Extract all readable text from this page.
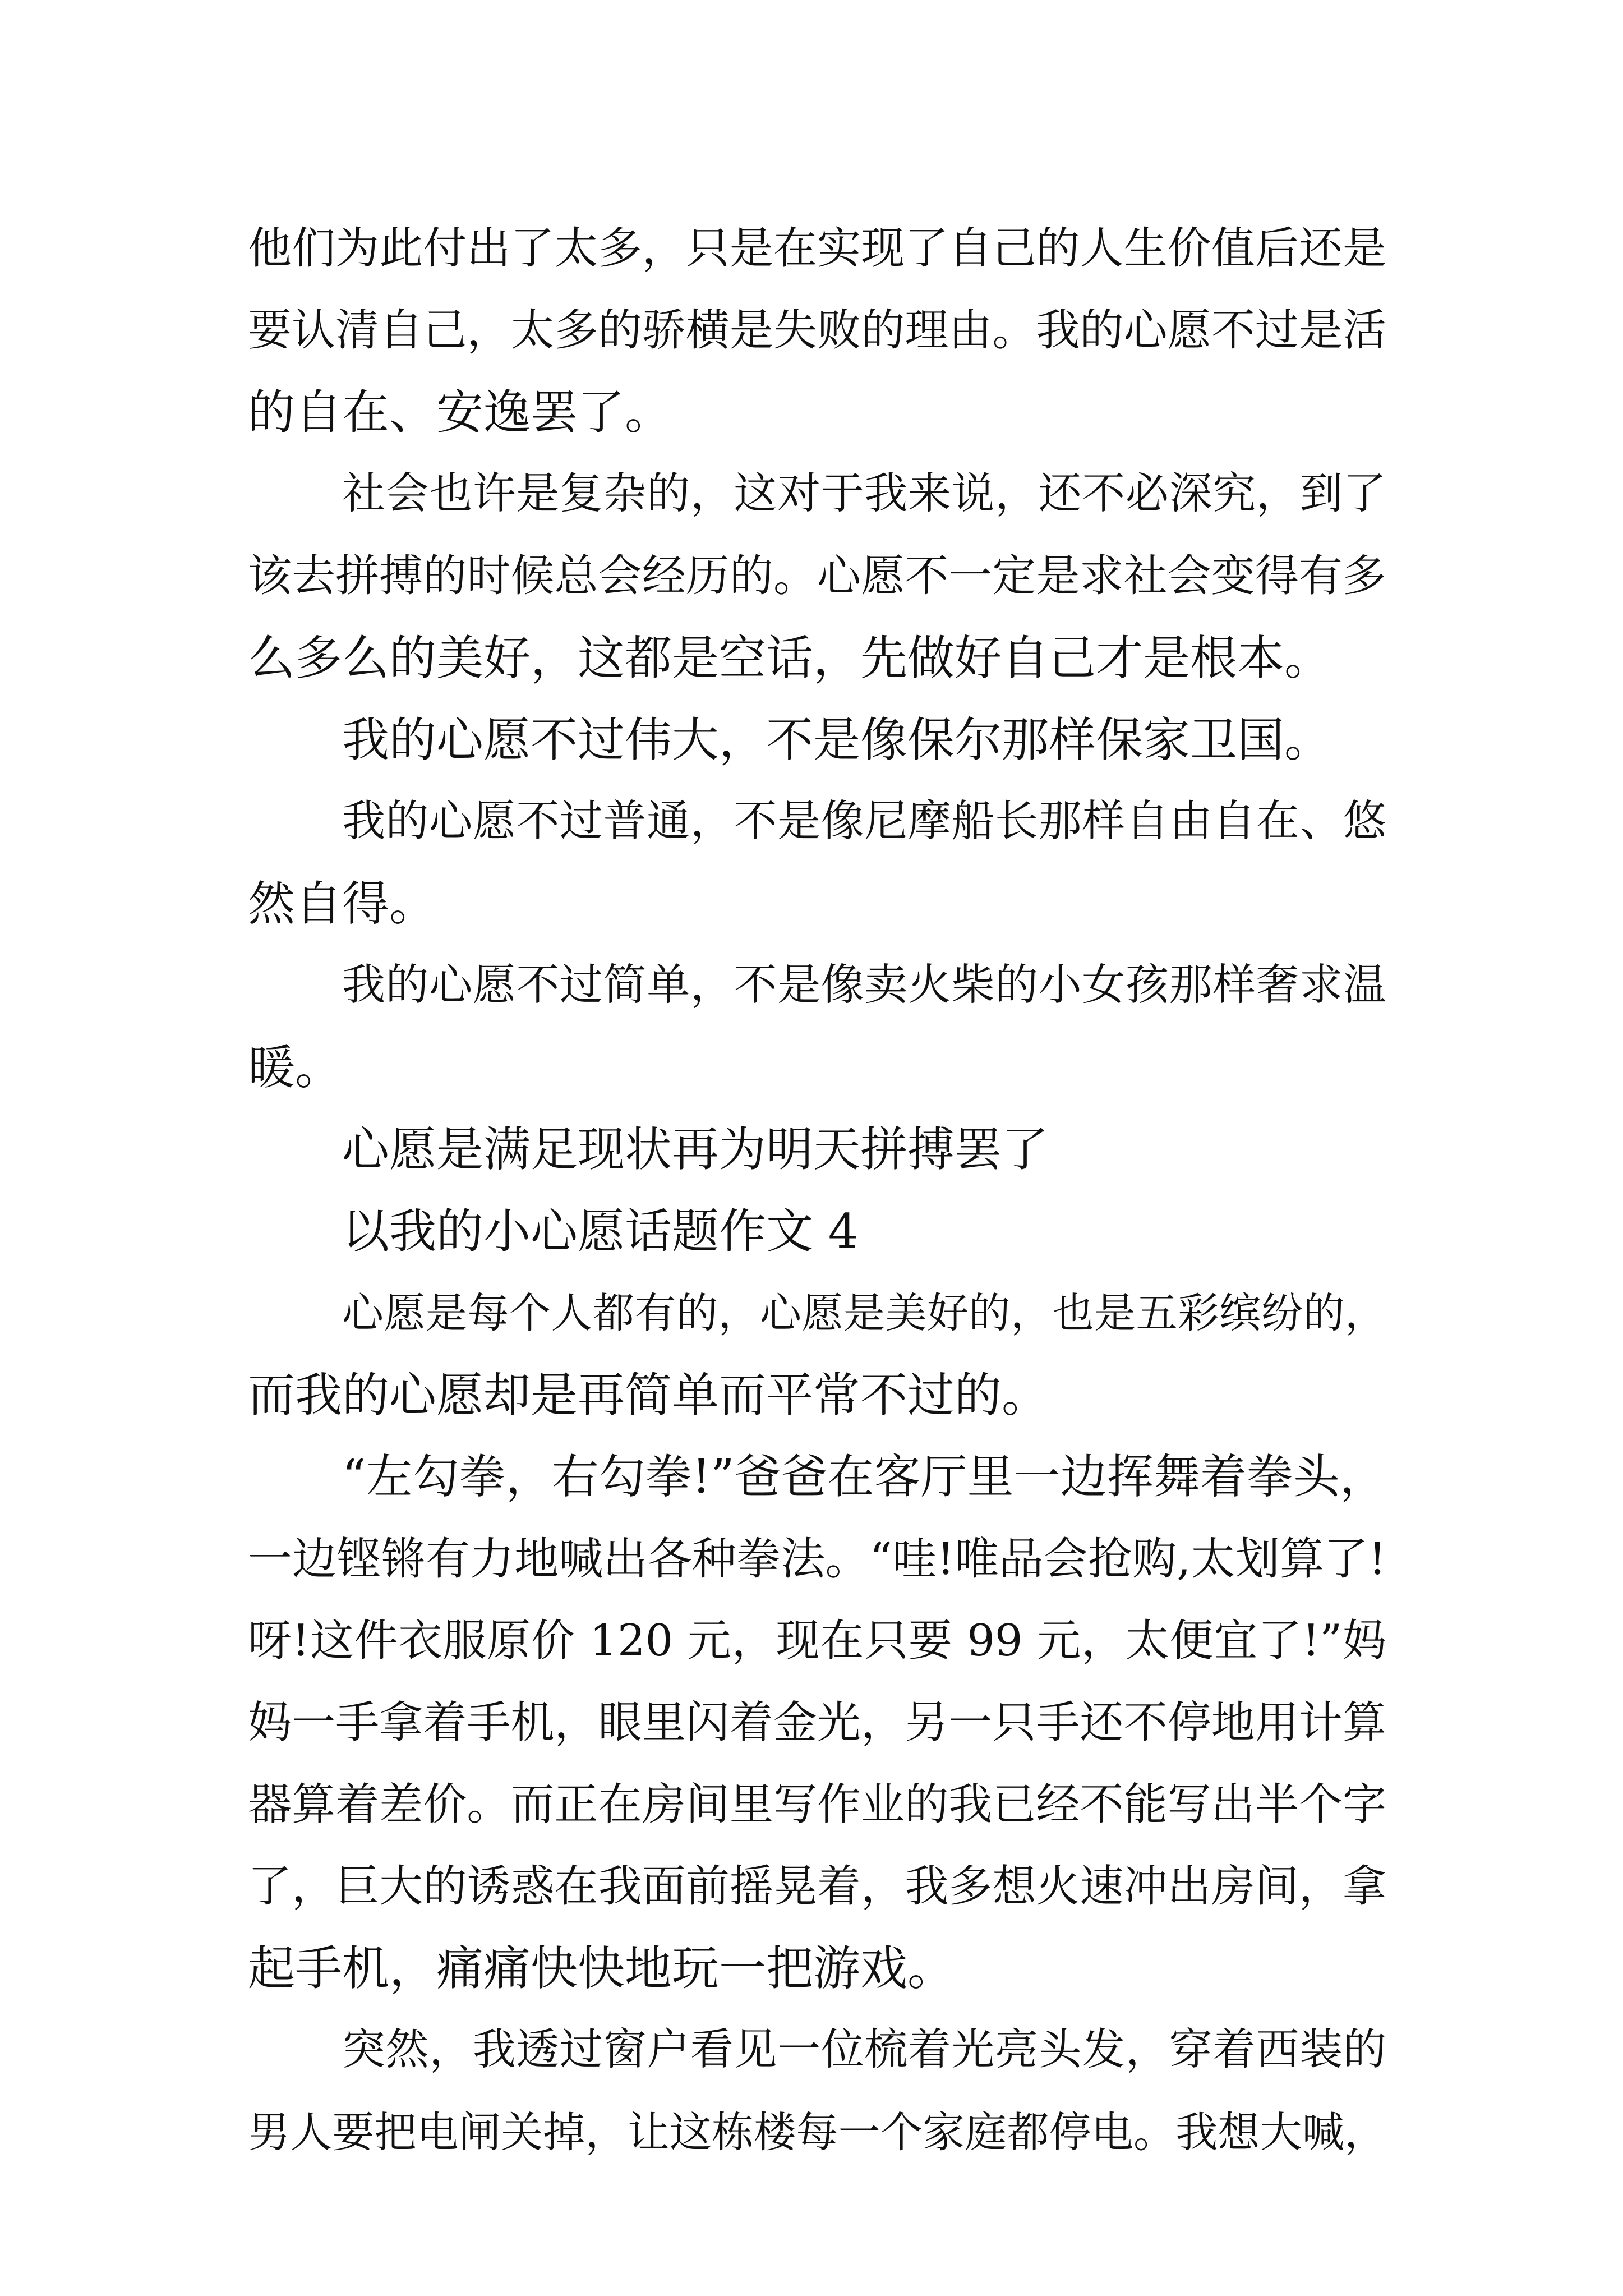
他们为此付出了太多，只是在实现了自己的人生价值后还是
要认清自己，太多的骄横是失败的理由。我的心愿不过是活
的自在、安逸罢了。
社会也许是复杂的，这对于我来说，还不必深究，到了
该去拼搏的时候总会经历的。心愿不一定是求社会变得有多
么多么的美好，这都是空话，先做好自己才是根本。
我的心愿不过伟大，不是像保尔那样保家卫国。
我的心愿不过普通，不是像尼摩船长那样自由自在、悠
然自得。
我的心愿不过简单，不是像卖火柴的小女孩那样奢求温
暖。
心愿是满足现状再为明天拼搏罢了
以我的小心愿话题作文 4
心愿是每个人都有的，心愿是美好的，也是五彩缤纷的，
而我的心愿却是再简单而平常不过的。
“左勾拳，右勾拳!”爸爸在客厅里一边挥舞着拳头，
一边铿锵有力地喊出各种拳法。“哇!唯品会抢购,太划算了!
呀!这件衣服原价 120 元，现在只要 99 元，太便宜了!”妈
妈一手拿着手机，眼里闪着金光，另一只手还不停地用计算
器算着差价。而正在房间里写作业的我已经不能写出半个字
了，巨大的诱惑在我面前摇晃着，我多想火速冲出房间，拿
起手机，痛痛快快地玩一把游戏。
突然，我透过窗户看见一位梳着光亮头发，穿着西装的
男人要把电闸关掉，让这栋楼每一个家庭都停电。我想大喊，
